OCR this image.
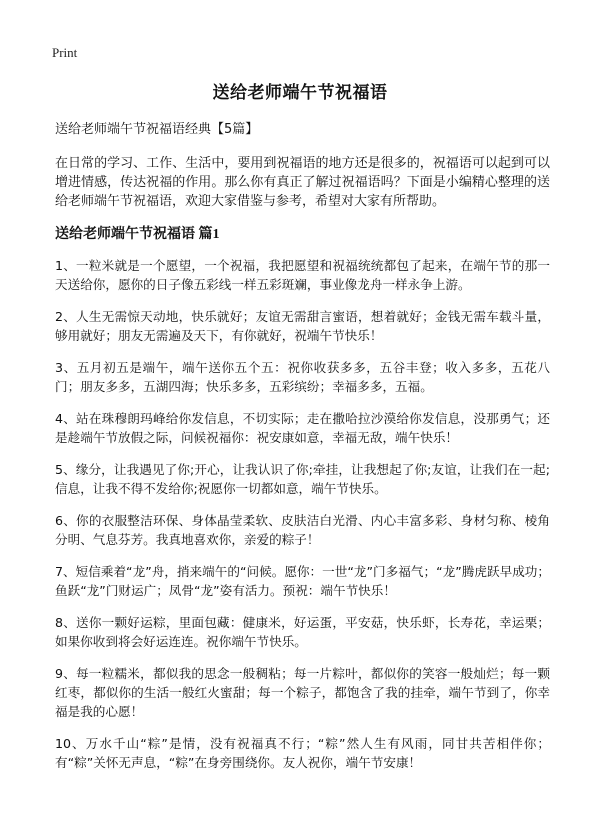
Print
送给老师端午节祝福语

送给老师端午节祝福语经典【5篇】

在日常的学习、工作、生活中，要用到祝福语的地方还是很多的，祝福语可以起到可以增进情感，传达祝福的作用。那么你有真正了解过祝福语吗？下面是小编精心整理的送给老师端午节祝福语，欢迎大家借鉴与参考，希望对大家有所帮助。

送给老师端午节祝福语 篇1

1、一粒米就是一个愿望，一个祝福，我把愿望和祝福统统都包了起来，在端午节的那一天送给你，愿你的日子像五彩线一样五彩斑斓，事业像龙舟一样永争上游。

2、人生无需惊天动地，快乐就好；友谊无需甜言蜜语，想着就好；金钱无需车载斗量，够用就好；朋友无需遍及天下，有你就好，祝端午节快乐！

3、五月初五是端午，端午送你五个五：祝你收获多多，五谷丰登；收入多多，五花八门；朋友多多，五湖四海；快乐多多，五彩缤纷；幸福多多，五福。

4、站在珠穆朗玛峰给你发信息，不切实际；走在撒哈拉沙漠给你发信息，没那勇气；还是趁端午节放假之际，问候祝福你：祝安康如意，幸福无敌，端午快乐！

5、缘分，让我遇见了你;开心，让我认识了你;牵挂，让我想起了你;友谊，让我们在一起;信息，让我不得不发给你;祝愿你一切都如意，端午节快乐。

6、你的衣服整洁环保、身体晶莹柔软、皮肤洁白光滑、内心丰富多彩、身材匀称、棱角分明、气息芬芳。我真地喜欢你，亲爱的粽子！

7、短信乘着“龙”舟，捎来端午的“问候。愿你：一世“龙”门多福气；“龙”腾虎跃早成功；鱼跃“龙”门财运广；凤骨“龙”姿有活力。预祝：端午节快乐！

8、送你一颗好运粽，里面包藏：健康米，好运蛋，平安菇，快乐虾，长寿花，幸运栗；如果你收到将会好运连连。祝你端午节快乐。

9、每一粒糯米，都似我的思念一般稠粘；每一片粽叶，都似你的笑容一般灿烂；每一颗红枣，都似你的生活一般红火蜜甜；每一个粽子，都饱含了我的挂牵，端午节到了，你幸福是我的心愿！

10、万水千山“粽”是情，没有祝福真不行；“粽”然人生有风雨，同甘共苦相伴你；有“粽”关怀无声息，“粽”在身旁围绕你。友人祝你，端午节安康！
